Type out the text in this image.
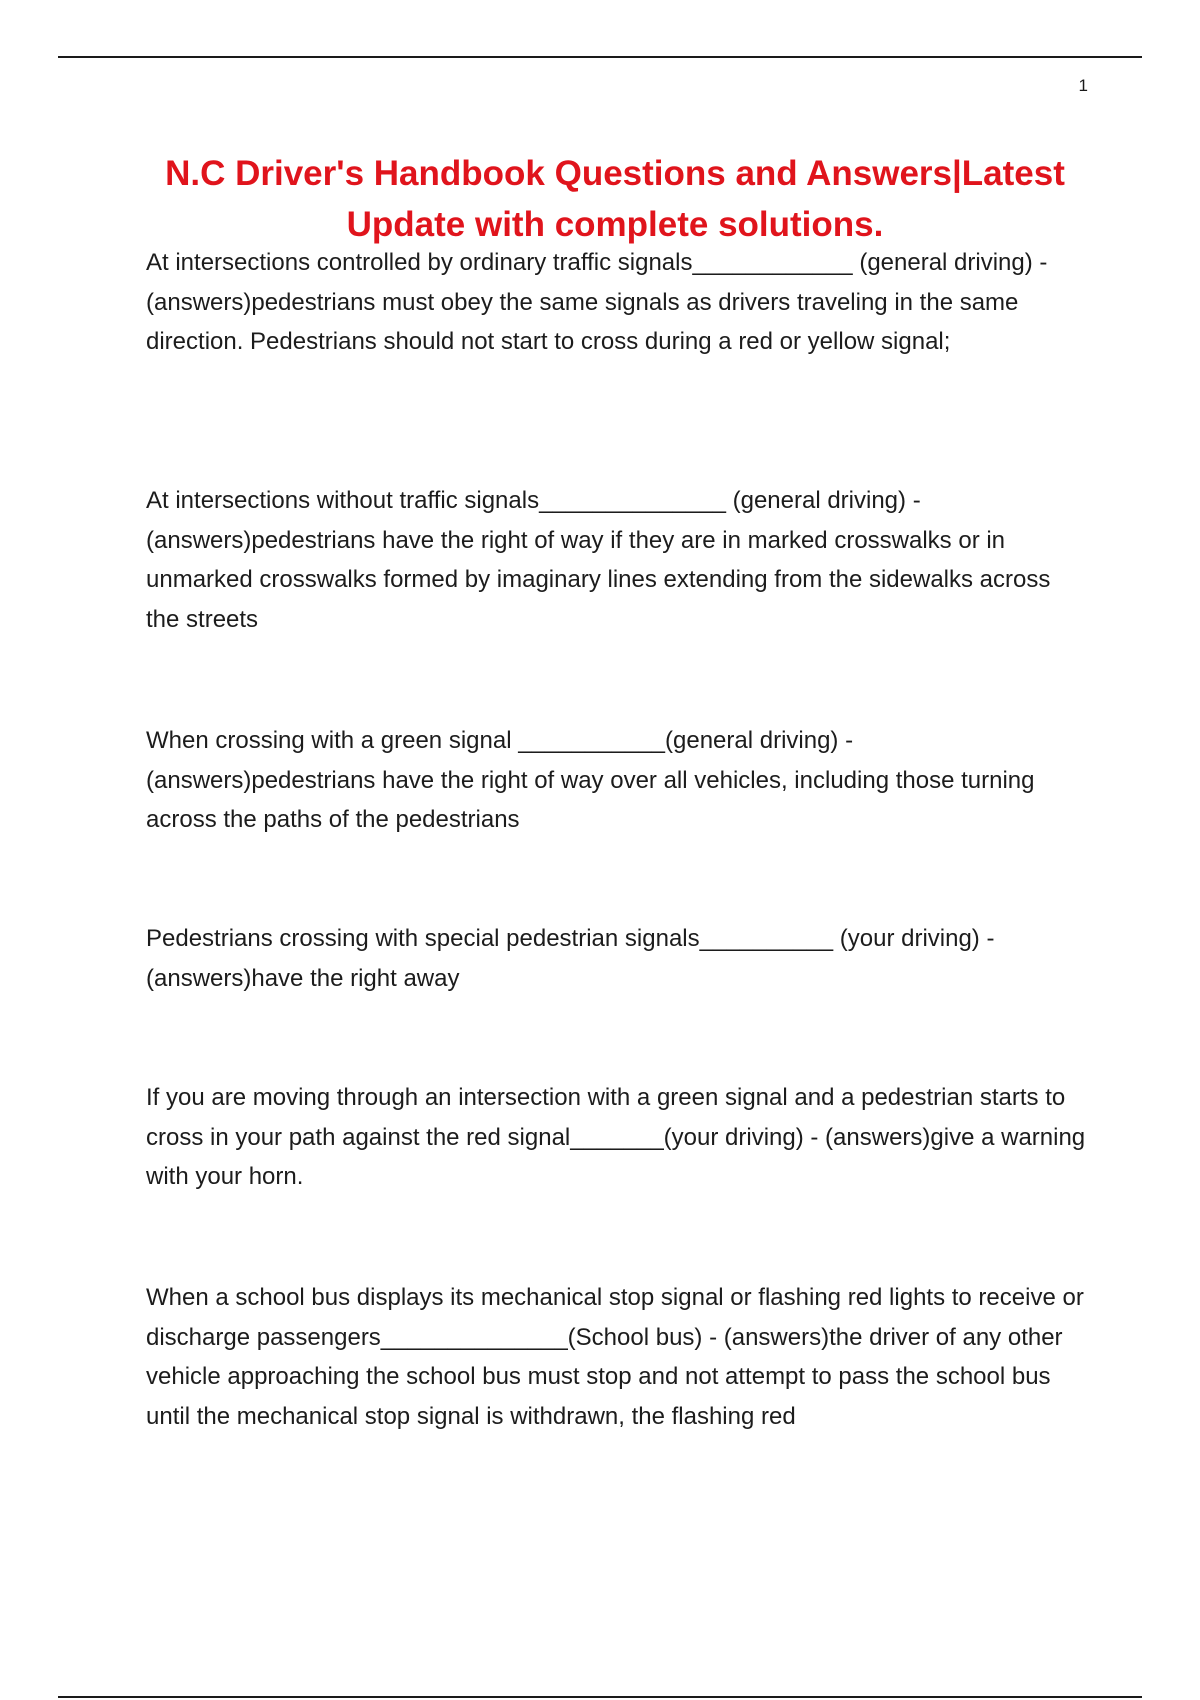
1
N.C Driver's Handbook Questions and Answers|Latest Update with complete solutions.

At intersections controlled by ordinary traffic signals____________ (general driving) - (answers)pedestrians must obey the same signals as drivers traveling in the same direction. Pedestrians should not start to cross during a red or yellow signal;

At intersections without traffic signals______________ (general driving) - (answers)pedestrians have the right of way if they are in marked crosswalks or in unmarked crosswalks formed by imaginary lines extending from the sidewalks across the streets

When crossing with a green signal ___________(general driving) - (answers)pedestrians have the right of way over all vehicles, including those turning across the paths of the pedestrians

Pedestrians crossing with special pedestrian signals__________ (your driving) - (answers)have the right away

If you are moving through an intersection with a green signal and a pedestrian starts to cross in your path against the red signal_______(your driving) - (answers)give a warning with your horn.

When a school bus displays its mechanical stop signal or flashing red lights to receive or discharge passengers______________(School bus) - (answers)the driver of any other vehicle approaching the school bus must stop and not attempt to pass the school bus until the mechanical stop signal is withdrawn, the flashing red
